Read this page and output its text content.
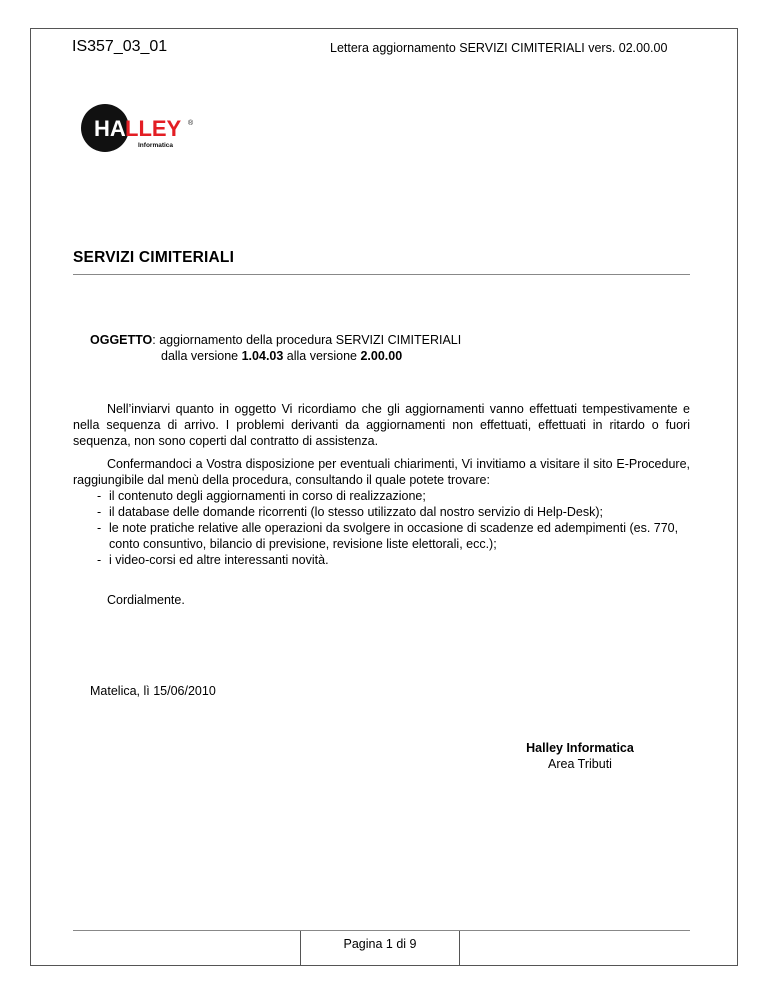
IS357_03_01	Lettera aggiornamento SERVIZI CIMITERIALI vers. 02.00.00
HA LLEY ®
Informatica
SERVIZI CIMITERIALI
OGGETTO: aggiornamento della procedura SERVIZI CIMITERIALI
dalla versione 1.04.03 alla versione 2.00.00
Nell’inviarvi quanto in oggetto Vi ricordiamo che gli aggiornamenti vanno effettuati tempestivamente e nella sequenza di arrivo. I problemi derivanti da aggiornamenti non effettuati, effettuati in ritardo o fuori sequenza, non sono coperti dal contratto di assistenza.
Confermandoci a Vostra disposizione per eventuali chiarimenti, Vi invitiamo a visitare il sito E-Procedure, raggiungibile dal menù della procedura, consultando il quale potete trovare:
- il contenuto degli aggiornamenti in corso di realizzazione;
- il database delle domande ricorrenti (lo stesso utilizzato dal nostro servizio di Help-Desk);
- le note pratiche relative alle operazioni da svolgere in occasione di scadenze ed adempimenti (es. 770, conto consuntivo, bilancio di previsione, revisione liste elettorali, ecc.);
- i video-corsi ed altre interessanti novità.
Cordialmente.
Matelica, lì 15/06/2010
Halley Informatica
Area Tributi
Pagina 1 di 9
